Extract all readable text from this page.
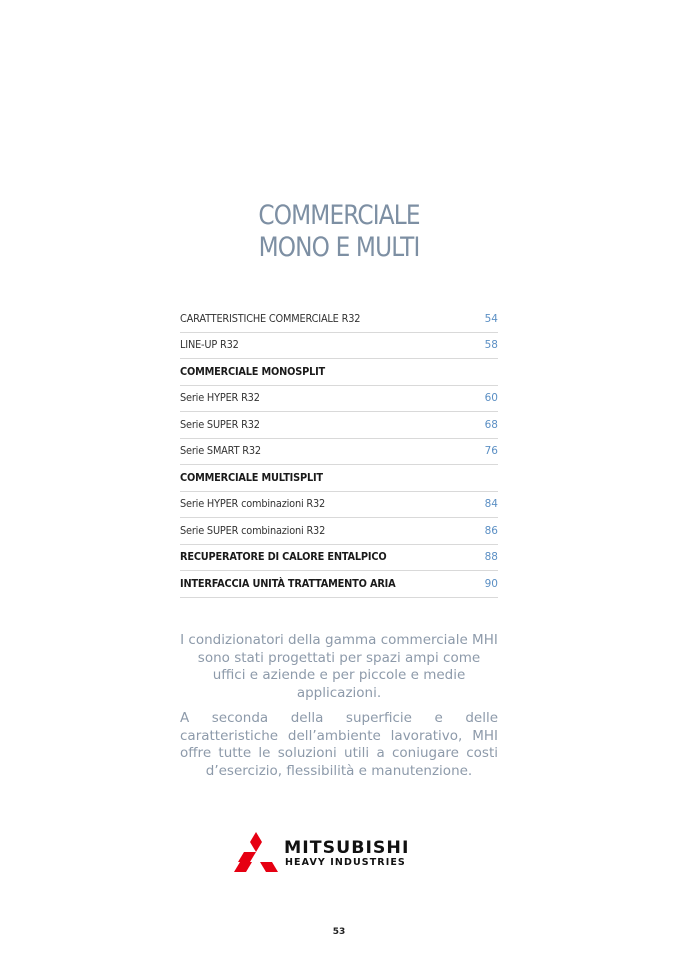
COMMERCIALE
MONO E MULTI
CARATTERISTICHE COMMERCIALE R32	54
LINE-UP R32	58
COMMERCIALE MONOSPLIT
Serie HYPER R32	60
Serie SUPER R32	68
Serie SMART R32	76
COMMERCIALE MULTISPLIT
Serie HYPER combinazioni R32	84
Serie SUPER combinazioni R32	86
RECUPERATORE DI CALORE ENTALPICO	88
INTERFACCIA UNITÀ TRATTAMENTO ARIA	90

I condizionatori della gamma commerciale MHI sono stati progettati per spazi ampi come uffici e aziende e per piccole e medie applicazioni.

A seconda della superficie e delle caratteristiche dell’ambiente lavorativo, MHI offre tutte le soluzioni utili a coniugare costi d’esercizio, flessibilità e manutenzione.

MITSUBISHI
HEAVY INDUSTRIES
53
